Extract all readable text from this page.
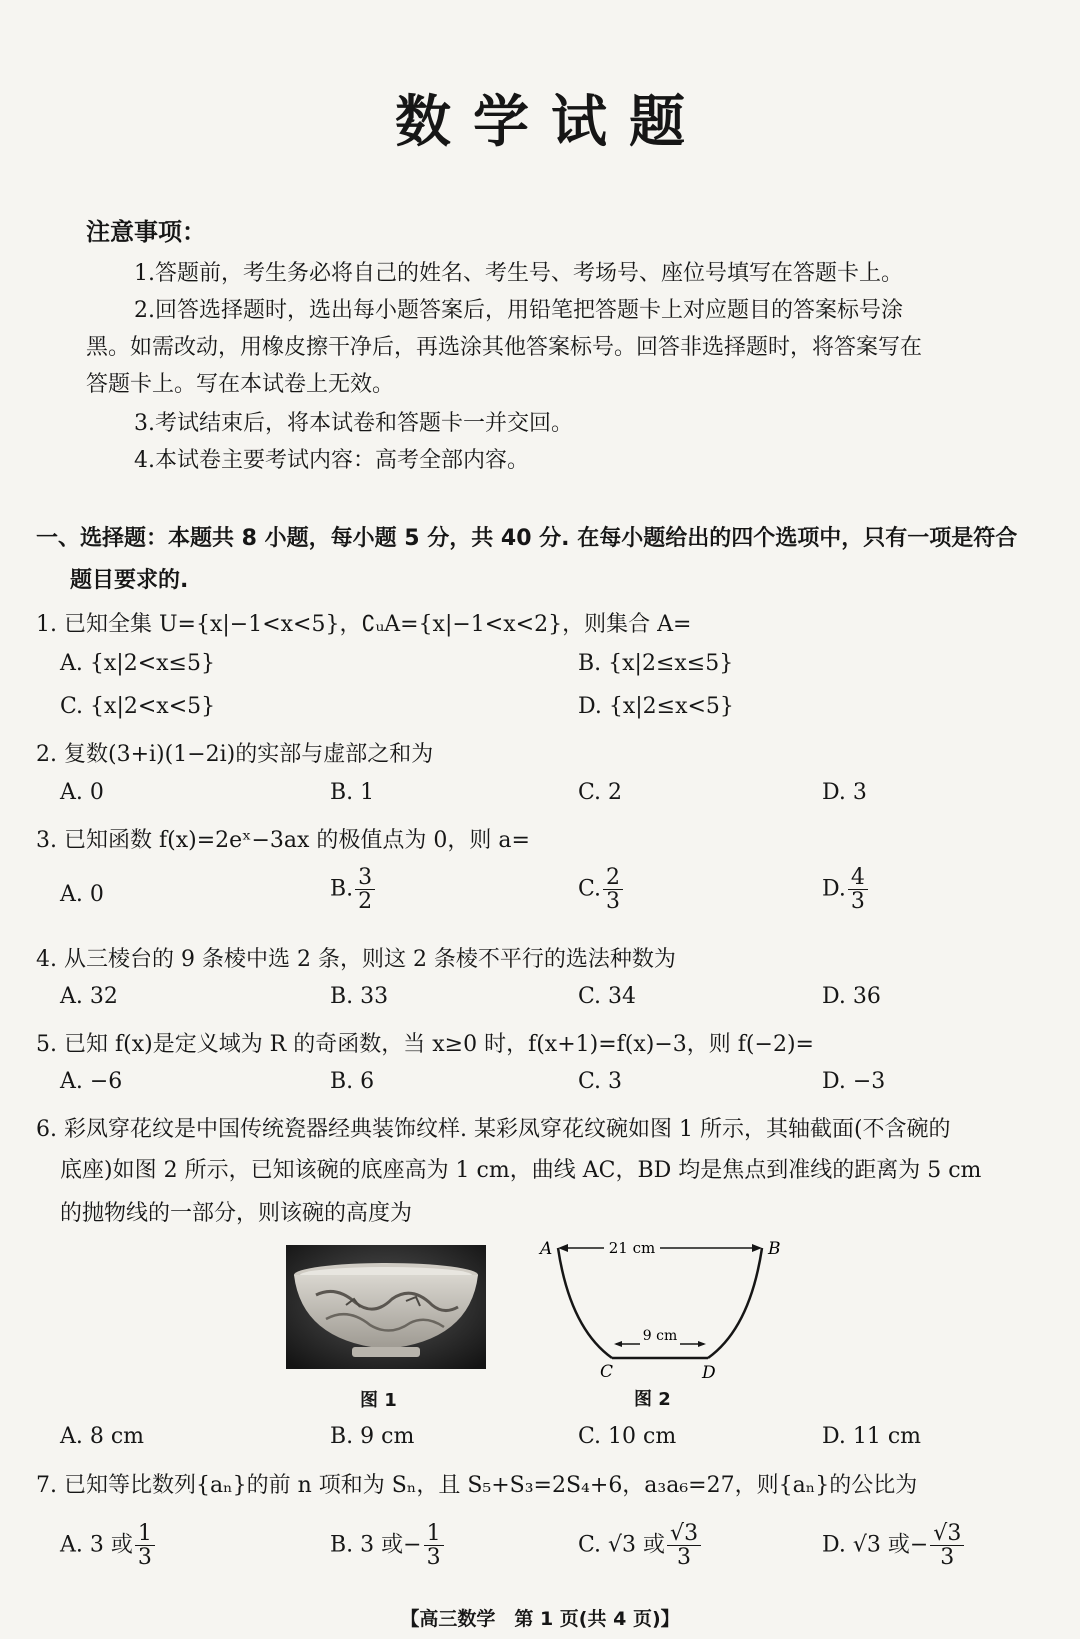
数学试题
注意事项：
1.答题前，考生务必将自己的姓名、考生号、考场号、座位号填写在答题卡上。
2.回答选择题时，选出每小题答案后，用铅笔把答题卡上对应题目的答案标号涂
黑。如需改动，用橡皮擦干净后，再选涂其他答案标号。回答非选择题时，将答案写在
答题卡上。写在本试卷上无效。
3.考试结束后，将本试卷和答题卡一并交回。
4.本试卷主要考试内容：高考全部内容。
一、选择题：本题共 8 小题，每小题 5 分，共 40 分. 在每小题给出的四个选项中，只有一项是符合
题目要求的.
1. 已知全集 U={x|−1<x<5}，∁ᵤA={x|−1<x<2}，则集合 A=
A. {x|2<x≤5}	B. {x|2≤x≤5}
C. {x|2<x<5}	D. {x|2≤x<5}
2. 复数(3+i)(1−2i)的实部与虚部之和为
A. 0	B. 1	C. 2	D. 3
3. 已知函数 f(x)=2eˣ−3ax 的极值点为 0，则 a=
A. 0	B. $\frac{3}{2}$	C. $\frac{2}{3}$	D. $\frac{4}{3}$
4. 从三棱台的 9 条棱中选 2 条，则这 2 条棱不平行的选法种数为
A. 32	B. 33	C. 34	D. 36
5. 已知 f(x)是定义域为 R 的奇函数，当 x≥0 时，f(x+1)=f(x)−3，则 f(−2)=
A. −6	B. 6	C. 3	D. −3
6. 彩凤穿花纹是中国传统瓷器经典装饰纹样. 某彩凤穿花纹碗如图 1 所示，其轴截面(不含碗的
底座)如图 2 所示，已知该碗的底座高为 1 cm，曲线 AC，BD 均是焦点到准线的距离为 5 cm
的抛物线的一部分，则该碗的高度为
图 1
21 cm
9 cm
A	B
C	D
图 2
A. 8 cm	B. 9 cm	C. 10 cm	D. 11 cm
7. 已知等比数列{aₙ}的前 n 项和为 Sₙ，且 S₅+S₃=2S₄+6，a₃a₆=27，则{aₙ}的公比为
A. 3 或 $\frac{1}{3}$	B. 3 或− $\frac{1}{3}$	C. √3 或 $\frac{√3}{3}$	D. √3 或− $\frac{√3}{3}$
【高三数学　第 1 页(共 4 页)】
